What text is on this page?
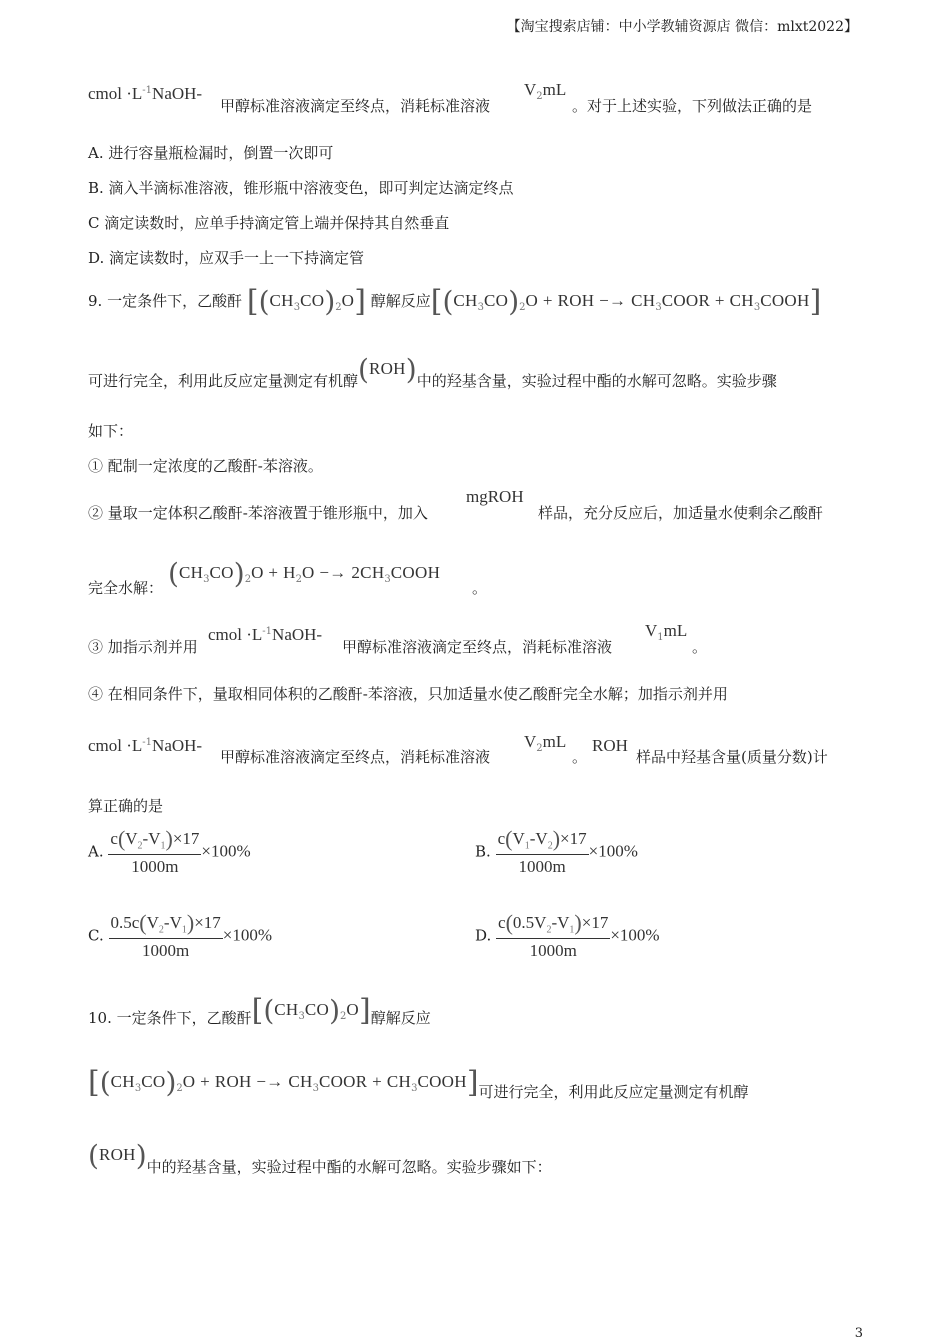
【淘宝搜索店铺：中小学教辅资源店 微信：mlxt2022】
cmol $\cdot L^{-1}NaOH-$
甲醇标准溶液滴定至终点，消耗标准溶液
$V_2mL$
。对于上述实验，下列做法正确的是
A. 进行容量瓶检漏时，倒置一次即可
B. 滴入半滴标准溶液，锥形瓶中溶液变色，即可判定达滴定终点
C 滴定读数时，应单手持滴定管上端并保持其自然垂直
D. 滴定读数时，应双手一上一下持滴定管
9. 一定条件下，乙酸酐 $[(CH_3CO)_2O]$ 醇解反应[$(CH_3CO)_2O$ + ROH −→ $CH_3COOR$ + $CH_3COOH$]
可进行完全，利用此反应定量测定有机醇(ROH)中的羟基含量，实验过程中酯的水解可忽略。实验步骤
如下：
① 配制一定浓度的乙酸酐-苯溶液。
② 量取一定体积乙酸酐-苯溶液置于锥形瓶中，加入
mgROH
样品，充分反应后，加适量水使剩余乙酸酐
完全水解： $(CH_3CO)_2O + H_2O$ −→ $2CH_3COOH$
。
③ 加指示剂并用
cmol $\cdot L^{-1}NaOH-$
甲醇标准溶液滴定至终点，消耗标准溶液
$V_1mL$
。
④ 在相同条件下，量取相同体积的乙酸酐-苯溶液，只加适量水使乙酸酐完全水解；加指示剂并用
cmol $\cdot L^{-1}NaOH-$
甲醇标准溶液滴定至终点，消耗标准溶液
$V_2mL$
。
ROH
样品中羟基含量(质量分数)计
算正确的是
A. $\frac{c(V_2-V_1)\times 17}{1000m} \times 100\%$	B. $\frac{c(V_1-V_2)\times 17}{1000m} \times 100\%$
C. $\frac{0.5c(V_2-V_1)\times 17}{1000m} \times 100\%$	D. $\frac{c(0.5V_2-V_1)\times 17}{1000m} \times 100\%$
10. 一定条件下，乙酸酐$[(CH_3CO)_2O]$醇解反应
[$(CH_3CO)_2O$ + ROH −→ $CH_3COOR$ + $CH_3COOH$]可进行完全，利用此反应定量测定有机醇
(ROH)中的羟基含量，实验过程中酯的水解可忽略。实验步骤如下：
3
